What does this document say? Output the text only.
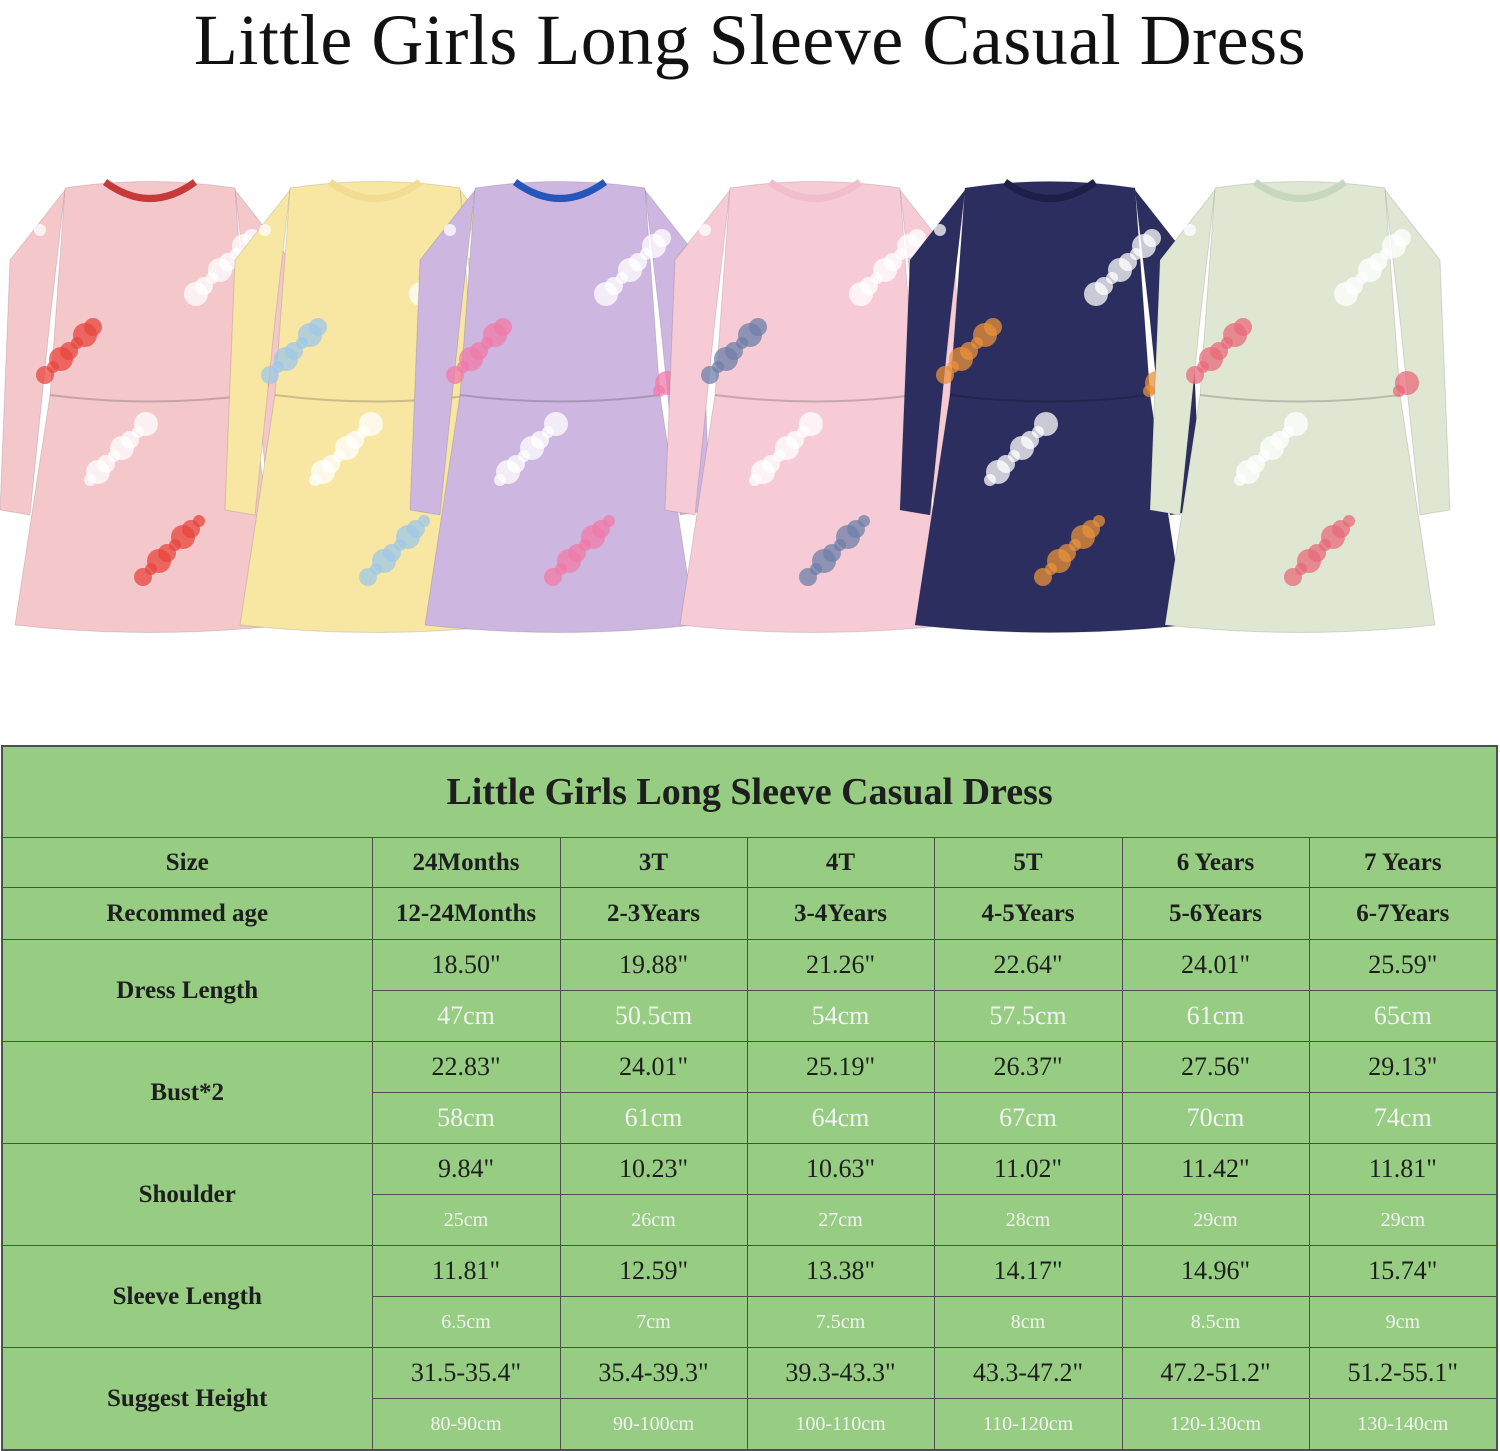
Little Girls Long Sleeve Casual Dress
Little Girls Long Sleeve Casual Dress						
Size	24Months	3T	4T	5T	6 Years	7 Years
Recommed age	12-24Months	2-3Years	3-4Years	4-5Years	5-6Years	6-7Years
Dress Length	18.50"	19.88"	21.26"	22.64"	24.01"	25.59"
	47cm	50.5cm	54cm	57.5cm	61cm	65cm
Bust*2	22.83"	24.01"	25.19"	26.37"	27.56"	29.13"
	58cm	61cm	64cm	67cm	70cm	74cm
Shoulder	9.84"	10.23"	10.63"	11.02"	11.42"	11.81"
	25cm	26cm	27cm	28cm	29cm	29cm
Sleeve Length	11.81"	12.59"	13.38"	14.17"	14.96"	15.74"
	6.5cm	7cm	7.5cm	8cm	8.5cm	9cm
Suggest Height	31.5-35.4"	35.4-39.3"	39.3-43.3"	43.3-47.2"	47.2-51.2"	51.2-55.1"
	80-90cm	90-100cm	100-110cm	110-120cm	120-130cm	130-140cm
